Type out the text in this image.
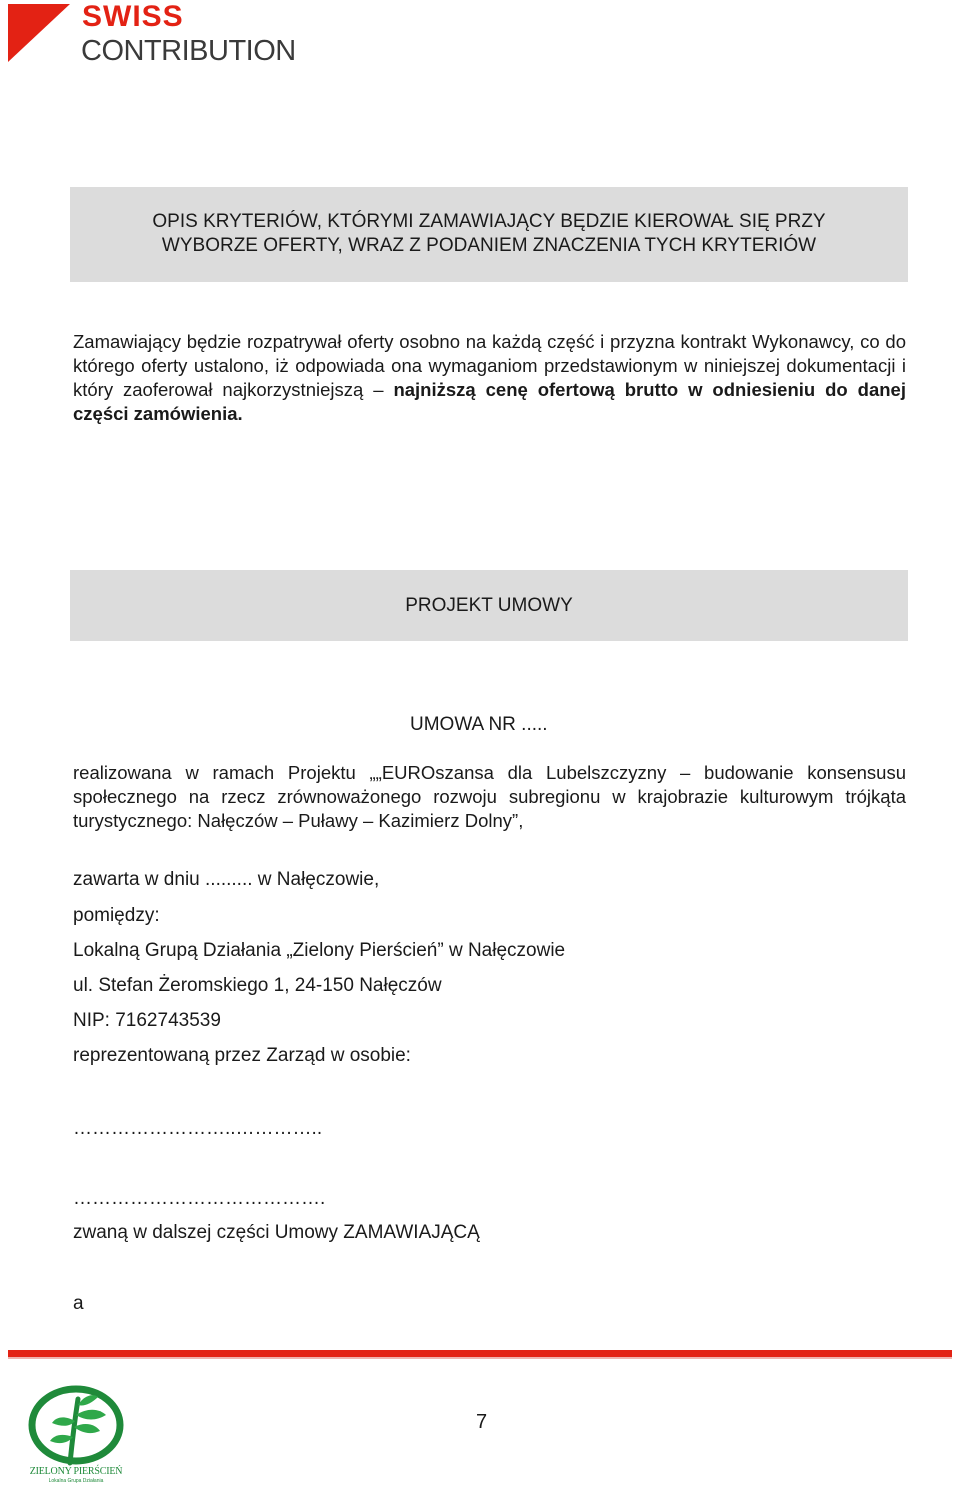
SWISS
CONTRIBUTION
OPIS KRYTERIÓW, KTÓRYMI ZAMAWIAJĄCY BĘDZIE KIEROWAŁ SIĘ PRZY
WYBORZE OFERTY, WRAZ Z PODANIEM ZNACZENIA TYCH KRYTERIÓW
Zamawiający będzie rozpatrywał oferty osobno na każdą część i przyzna kontrakt Wykonawcy, co do którego oferty ustalono, iż odpowiada ona wymaganiom przedstawionym w niniejszej dokumentacji i który zaoferował najkorzystniejszą – najniższą cenę ofertową brutto w odniesieniu do danej części zamówienia.
PROJEKT UMOWY
UMOWA NR .....
realizowana w ramach Projektu „„EUROszansa dla Lubelszczyzny – budowanie konsensusu społecznego na rzecz zrównoważonego rozwoju subregionu w krajobrazie kulturowym trójkąta turystycznego: Nałęczów – Puławy – Kazimierz Dolny”,
zawarta w dniu ......... w Nałęczowie,
pomiędzy:
Lokalną Grupą Działania „Zielony Pierścień” w Nałęczowie
ul. Stefan Żeromskiego 1, 24-150 Nałęczów
NIP: 7162743539
reprezentowaną przez Zarząd w osobie:
……………………..…………..
………………………………….
zwaną w dalszej części Umowy ZAMAWIAJĄCĄ
a
ZIELONY PIERŚCIEŃ
Lokalna Grupa Działania
7
